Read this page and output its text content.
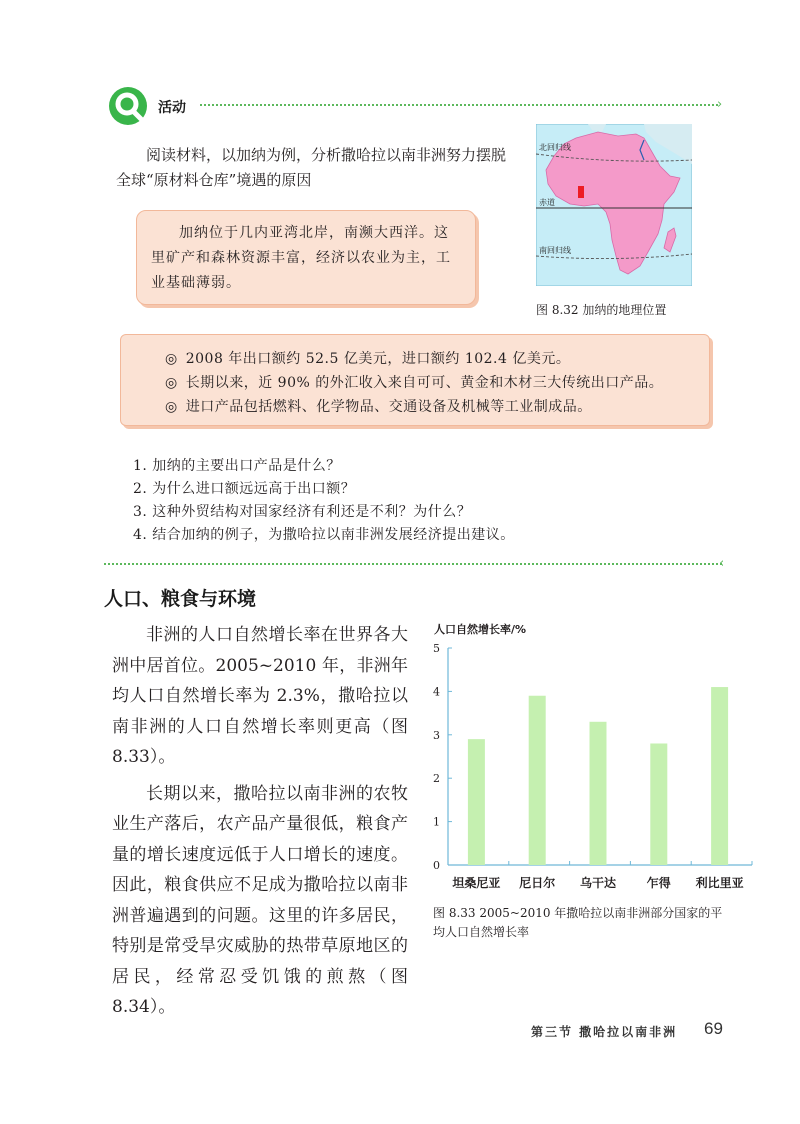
活动	›
阅读材料，以加纳为例，分析撒哈拉以南非洲努力摆脱全球“原材料仓库”境遇的原因
北回归线
赤道
南回归线
图 8.32 加纳的地理位置

加纳位于几内亚湾北岸，南濒大西洋。这里矿产和森林资源丰富，经济以农业为主，工业基础薄弱。

◎ 2008 年出口额约 52.5 亿美元，进口额约 102.4 亿美元。
◎ 长期以来，近 90% 的外汇收入来自可可、黄金和木材三大传统出口产品。
◎ 进口产品包括燃料、化学物品、交通设备及机械等工业制成品。
1. 加纳的主要出口产品是什么？
2. 为什么进口额远远高于出口额？
3. 这种外贸结构对国家经济有利还是不利？为什么？
4. 结合加纳的例子，为撒哈拉以南非洲发展经济提出建议。
‹
人口、粮食与环境

非洲的人口自然增长率在世界各大洲中居首位。2005~2010 年，非洲年均人口自然增长率为 2.3%，撒哈拉以南非洲的人口自然增长率则更高（图 8.33）。

长期以来，撒哈拉以南非洲的农牧业生产落后，农产品产量很低，粮食产量的增长速度远低于人口增长的速度。因此，粮食供应不足成为撒哈拉以南非洲普遍遇到的问题。这里的许多居民，特别是常受旱灾威胁的热带草原地区的居民，经常忍受饥饿的煎熬（图 8.34）。

人口自然增长率/%
0
1
2
3
4
5
坦桑尼亚 尼日尔 乌干达	乍得 利比里亚
图 8.33 2005~2010 年撒哈拉以南非洲部分国家的平均人口自然增长率
第三节 撒哈拉以南非洲 69
